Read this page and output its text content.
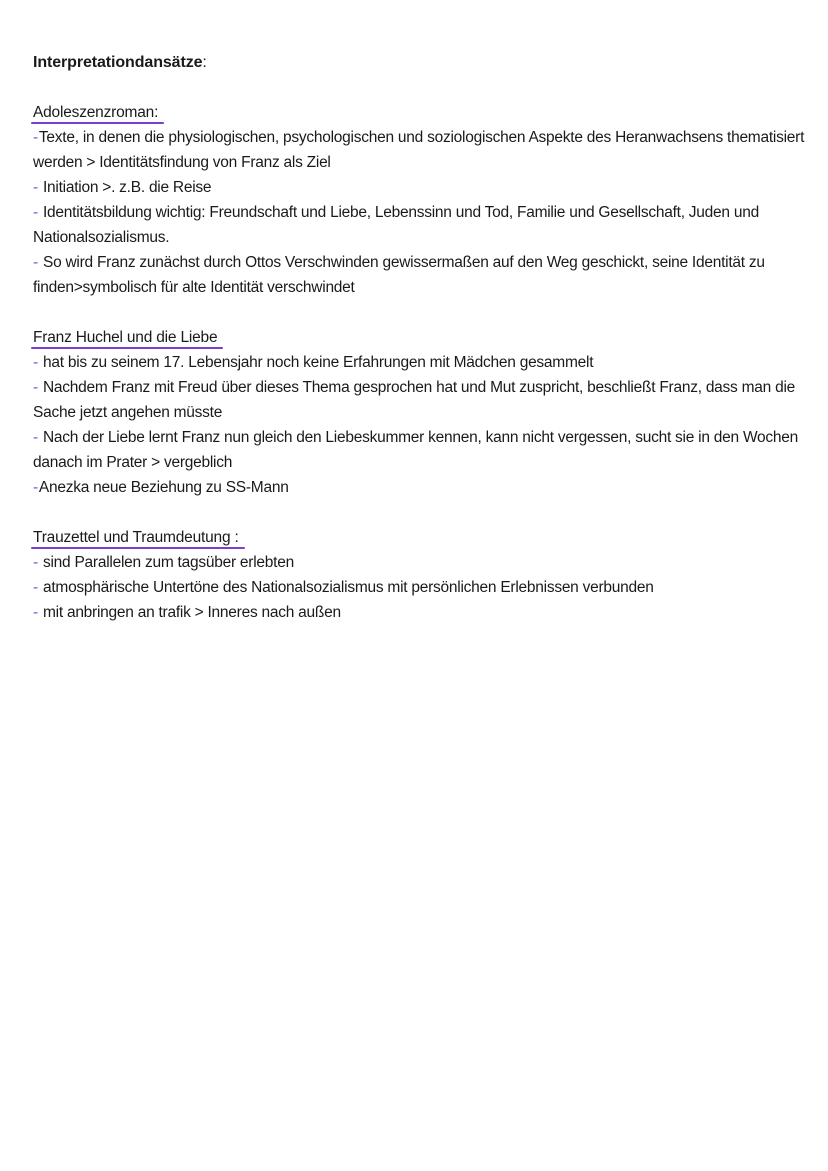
Interpretationdansätze:
Adoleszenzroman:

-Texte, in denen die physiologischen, psychologischen und soziologischen Aspekte des Heranwachsens thematisiert werden > Identitätsfindung von Franz als Ziel

- Initiation >. z.B. die Reise

- Identitätsbildung wichtig: Freundschaft und Liebe, Lebenssinn und Tod, Familie und Gesellschaft, Juden und Nationalsozialismus.

- So wird Franz zunächst durch Ottos Verschwinden gewissermaßen auf den Weg geschickt, seine Identität zu finden>symbolisch für alte Identität verschwindet

Franz Huchel und die Liebe

- hat bis zu seinem 17. Lebensjahr noch keine Erfahrungen mit Mädchen gesammelt

- Nachdem Franz mit Freud über dieses Thema gesprochen hat und Mut zuspricht, beschließt Franz, dass man die Sache jetzt angehen müsste

- Nach der Liebe lernt Franz nun gleich den Liebeskummer kennen, kann nicht vergessen, sucht sie in den Wochen danach im Prater > vergeblich

-Anezka neue Beziehung zu SS-Mann

Trauzettel und Traumdeutung :

- sind Parallelen zum tagsüber erlebten

- atmosphärische Untertöne des Nationalsozialismus mit persönlichen Erlebnissen verbunden

- mit anbringen an trafik > Inneres nach außen
